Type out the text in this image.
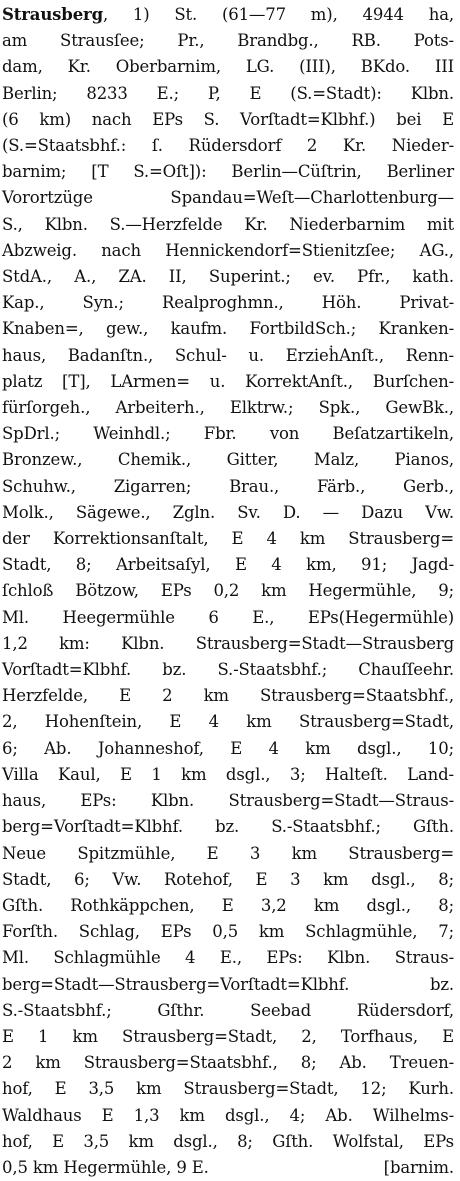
Strausberg, 1) St. (61—77 m), 4944 ha,
am Strausſee; Pr., Brandbg., RB. Pots-
dam, Kr. Oberbarnim, LG. (III), BKdo. III
Berlin; 8233 E.; P, E (S.=Stadt): Klbn.
(6 km) nach EPs S. Vorſtadt=Klbhf.) bei E
(S.=Staatsbhf.: ſ. Rüdersdorf 2 Kr. Nieder-
barnim; [T S.=Oſt]): Berlin—Cüſtrin, Berliner
Vorortzüge Spandau=Weſt—Charlottenburg—
S., Klbn. S.—Herzfelde Kr. Niederbarnim mit
Abzweig. nach Hennickendorf=Stienitzſee; AG.,
StdA., A., ZA. II, Superint.; ev. Pfr., kath.
Kap., Syn.; Realproghmn., Höh. Privat-
Knaben=, gew., kaufm. FortbildSch.; Kranken-
haus, Badanſtn., Schul- u. ErzieḣAnſt., Renn-
platz [T], LArmen= u. KorrektAnſt., Burſchen-
fürſorgeh., Arbeiterh., Elktrw.; Spk., GewBk.,
SpDrl.; Weinhdl.; Fbr. von Beſatzartikeln,
Bronzew., Chemik., Gitter, Malz, Pianos,
Schuhw., Zigarren; Brau., Färb., Gerb.,
Molk., Sägewe., Zgln. Sv. D. — Dazu Vw.
der Korrektionsanſtalt, E 4 km Strausberg=
Stadt, 8; Arbeitsaſyl, E 4 km, 91; Jagd-
ſchloß Bötzow, EPs 0,2 km Hegermühle, 9;
Ml. Heegermühle 6 E., EPs(Hegermühle)
1,2 km: Klbn. Strausberg=Stadt—Strausberg
Vorſtadt=Klbhf. bz. S.-Staatsbhf.; Chauſſeehr.
Herzfelde, E 2 km Strausberg=Staatsbhf.,
2, Hohenſtein, E 4 km Strausberg=Stadt,
6; Ab. Johanneshof, E 4 km dsgl., 10;
Villa Kaul, E 1 km dsgl., 3; Halteſt. Land-
haus, EPs: Klbn. Strausberg=Stadt—Straus-
berg=Vorſtadt=Klbhf. bz. S.-Staatsbhf.; Gſth.
Neue Spitzmühle, E 3 km Strausberg=
Stadt, 6; Vw. Rotehof, E 3 km dsgl., 8;
Gſth. Rothkäppchen, E 3,2 km dsgl., 8;
Forſth. Schlag, EPs 0,5 km Schlagmühle, 7;
Ml. Schlagmühle 4 E., EPs: Klbn. Straus-
berg=Stadt—Strausberg=Vorſtadt=Klbhf. bz.
S.-Staatsbhf.; Gſthr. Seebad Rüdersdorf,
E 1 km Strausberg=Stadt, 2, Torfhaus, E
2 km Strausberg=Staatsbhf., 8; Ab. Treuen-
hof, E 3,5 km Strausberg=Stadt, 12; Kurh.
Waldhaus E 1,3 km dsgl., 4; Ab. Wilhelms-
hof, E 3,5 km dsgl., 8; Gſth. Wolfstal, EPs
0,5 km Hegermühle, 9 E.	[barnim.
